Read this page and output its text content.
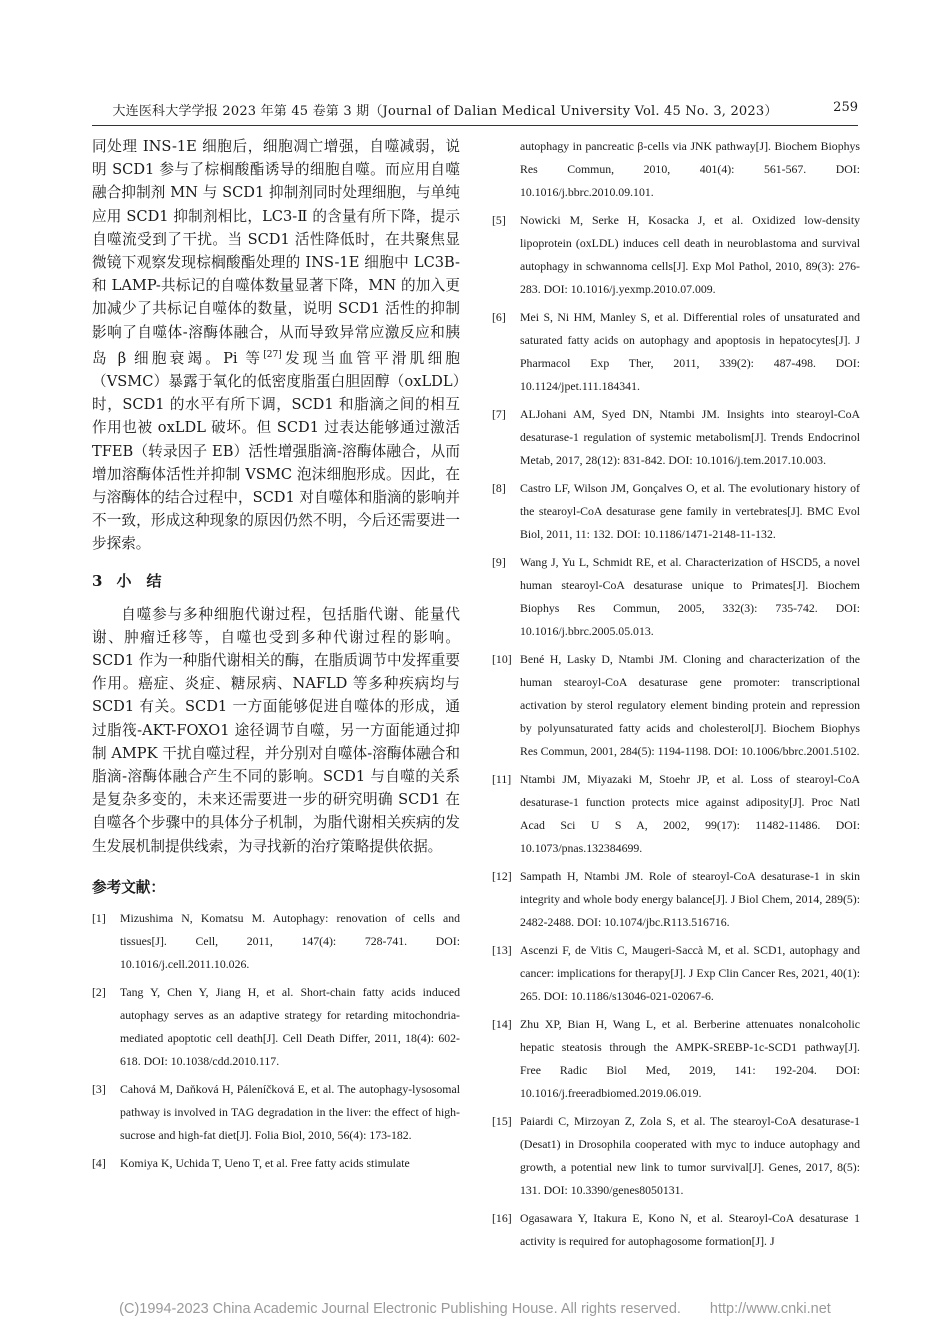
大连医科大学学报 2023 年第 45 卷第 3 期（Journal of Dalian Medical University Vol. 45 No. 3, 2023）	259

同处理 INS-1E 细胞后，细胞凋亡增强，自噬减弱，说明 SCD1 参与了棕榈酸酯诱导的细胞自噬。而应用自噬融合抑制剂 MN 与 SCD1 抑制剂同时处理细胞，与单纯应用 SCD1 抑制剂相比，LC3-Ⅱ 的含量有所下降，提示自噬流受到了干扰。当 SCD1 活性降低时，在共聚焦显微镜下观察发现棕榈酸酯处理的 INS-1E 细胞中 LC3B-和 LAMP-共标记的自噬体数量显著下降，MN 的加入更加减少了共标记自噬体的数量，说明 SCD1 活性的抑制影响了自噬体-溶酶体融合，从而导致异常应激反应和胰岛 β 细胞衰竭。Pi 等[27]发现当血管平滑肌细胞（VSMC）暴露于氧化的低密度脂蛋白胆固醇（oxLDL）时，SCD1 的水平有所下调，SCD1 和脂滴之间的相互作用也被 oxLDL 破坏。但 SCD1 过表达能够通过激活 TFEB（转录因子 EB）活性增强脂滴-溶酶体融合，从而增加溶酶体活性并抑制 VSMC 泡沫细胞形成。因此，在与溶酶体的结合过程中，SCD1 对自噬体和脂滴的影响并不一致，形成这种现象的原因仍然不明，今后还需要进一步探索。

3 小　结

自噬参与多种细胞代谢过程，包括脂代谢、能量代谢、肿瘤迁移等，自噬也受到多种代谢过程的影响。SCD1 作为一种脂代谢相关的酶，在脂质调节中发挥重要作用。癌症、炎症、糖尿病、NAFLD 等多种疾病均与 SCD1 有关。SCD1 一方面能够促进自噬体的形成，通过脂筏-AKT-FOXO1 途径调节自噬，另一方面能通过抑制 AMPK 干扰自噬过程，并分别对自噬体-溶酶体融合和脂滴-溶酶体融合产生不同的影响。SCD1 与自噬的关系是复杂多变的，未来还需要进一步的研究明确 SCD1 在自噬各个步骤中的具体分子机制，为脂代谢相关疾病的发生发展机制提供线索，为寻找新的治疗策略提供依据。

参考文献：
[1] Mizushima N, Komatsu M. Autophagy: renovation of cells and tissues[J]. Cell, 2011, 147(4): 728-741. DOI: 10.1016/j.cell.2011.10.026.
[2] Tang Y, Chen Y, Jiang H, et al. Short-chain fatty acids induced autophagy serves as an adaptive strategy for retarding mitochondria-mediated apoptotic cell death[J]. Cell Death Differ, 2011, 18(4): 602-618. DOI: 10.1038/cdd.2010.117.
[3] Cahová M, Daňková H, Páleníčková E, et al. The autophagy-lysosomal pathway is involved in TAG degradation in the liver: the effect of high-sucrose and high-fat diet[J]. Folia Biol, 2010, 56(4): 173-182.
[4] Komiya K, Uchida T, Ueno T, et al. Free fatty acids stimulate
autophagy in pancreatic β-cells via JNK pathway[J]. Biochem Biophys Res Commun, 2010, 401(4): 561-567. DOI: 10.1016/j.bbrc.2010.09.101.
[5] Nowicki M, Serke H, Kosacka J, et al. Oxidized low-density lipoprotein (oxLDL) induces cell death in neuroblastoma and survival autophagy in schwannoma cells[J]. Exp Mol Pathol, 2010, 89(3): 276-283. DOI: 10.1016/j.yexmp.2010.07.009.
[6] Mei S, Ni HM, Manley S, et al. Differential roles of unsaturated and saturated fatty acids on autophagy and apoptosis in hepatocytes[J]. J Pharmacol Exp Ther, 2011, 339(2): 487-498. DOI: 10.1124/jpet.111.184341.
[7] ALJohani AM, Syed DN, Ntambi JM. Insights into stearoyl-CoA desaturase-1 regulation of systemic metabolism[J]. Trends Endocrinol Metab, 2017, 28(12): 831-842. DOI: 10.1016/j.tem.2017.10.003.
[8] Castro LF, Wilson JM, Gonçalves O, et al. The evolutionary history of the stearoyl-CoA desaturase gene family in vertebrates[J]. BMC Evol Biol, 2011, 11: 132. DOI: 10.1186/1471-2148-11-132.
[9] Wang J, Yu L, Schmidt RE, et al. Characterization of HSCD5, a novel human stearoyl-CoA desaturase unique to Primates[J]. Biochem Biophys Res Commun, 2005, 332(3): 735-742. DOI: 10.1016/j.bbrc.2005.05.013.
[10] Bené H, Lasky D, Ntambi JM. Cloning and characterization of the human stearoyl-CoA desaturase gene promoter: transcriptional activation by sterol regulatory element binding protein and repression by polyunsaturated fatty acids and cholesterol[J]. Biochem Biophys Res Commun, 2001, 284(5): 1194-1198. DOI: 10.1006/bbrc.2001.5102.
[11] Ntambi JM, Miyazaki M, Stoehr JP, et al. Loss of stearoyl-CoA desaturase-1 function protects mice against adiposity[J]. Proc Natl Acad Sci U S A, 2002, 99(17): 11482-11486. DOI: 10.1073/pnas.132384699.
[12] Sampath H, Ntambi JM. Role of stearoyl-CoA desaturase-1 in skin integrity and whole body energy balance[J]. J Biol Chem, 2014, 289(5): 2482-2488. DOI: 10.1074/jbc.R113.516716.
[13] Ascenzi F, de Vitis C, Maugeri-Saccà M, et al. SCD1, autophagy and cancer: implications for therapy[J]. J Exp Clin Cancer Res, 2021, 40(1): 265. DOI: 10.1186/s13046-021-02067-6.
[14] Zhu XP, Bian H, Wang L, et al. Berberine attenuates nonalcoholic hepatic steatosis through the AMPK-SREBP-1c-SCD1 pathway[J]. Free Radic Biol Med, 2019, 141: 192-204. DOI: 10.1016/j.freeradbiomed.2019.06.019.
[15] Paiardi C, Mirzoyan Z, Zola S, et al. The stearoyl-CoA desaturase-1 (Desat1) in Drosophila cooperated with myc to induce autophagy and growth, a potential new link to tumor survival[J]. Genes, 2017, 8(5): 131. DOI: 10.3390/genes8050131.
[16] Ogasawara Y, Itakura E, Kono N, et al. Stearoyl-CoA desaturase 1 activity is required for autophagosome formation[J]. J
(C)1994-2023 China Academic Journal Electronic Publishing House. All rights reserved.　　http://www.cnki.net
